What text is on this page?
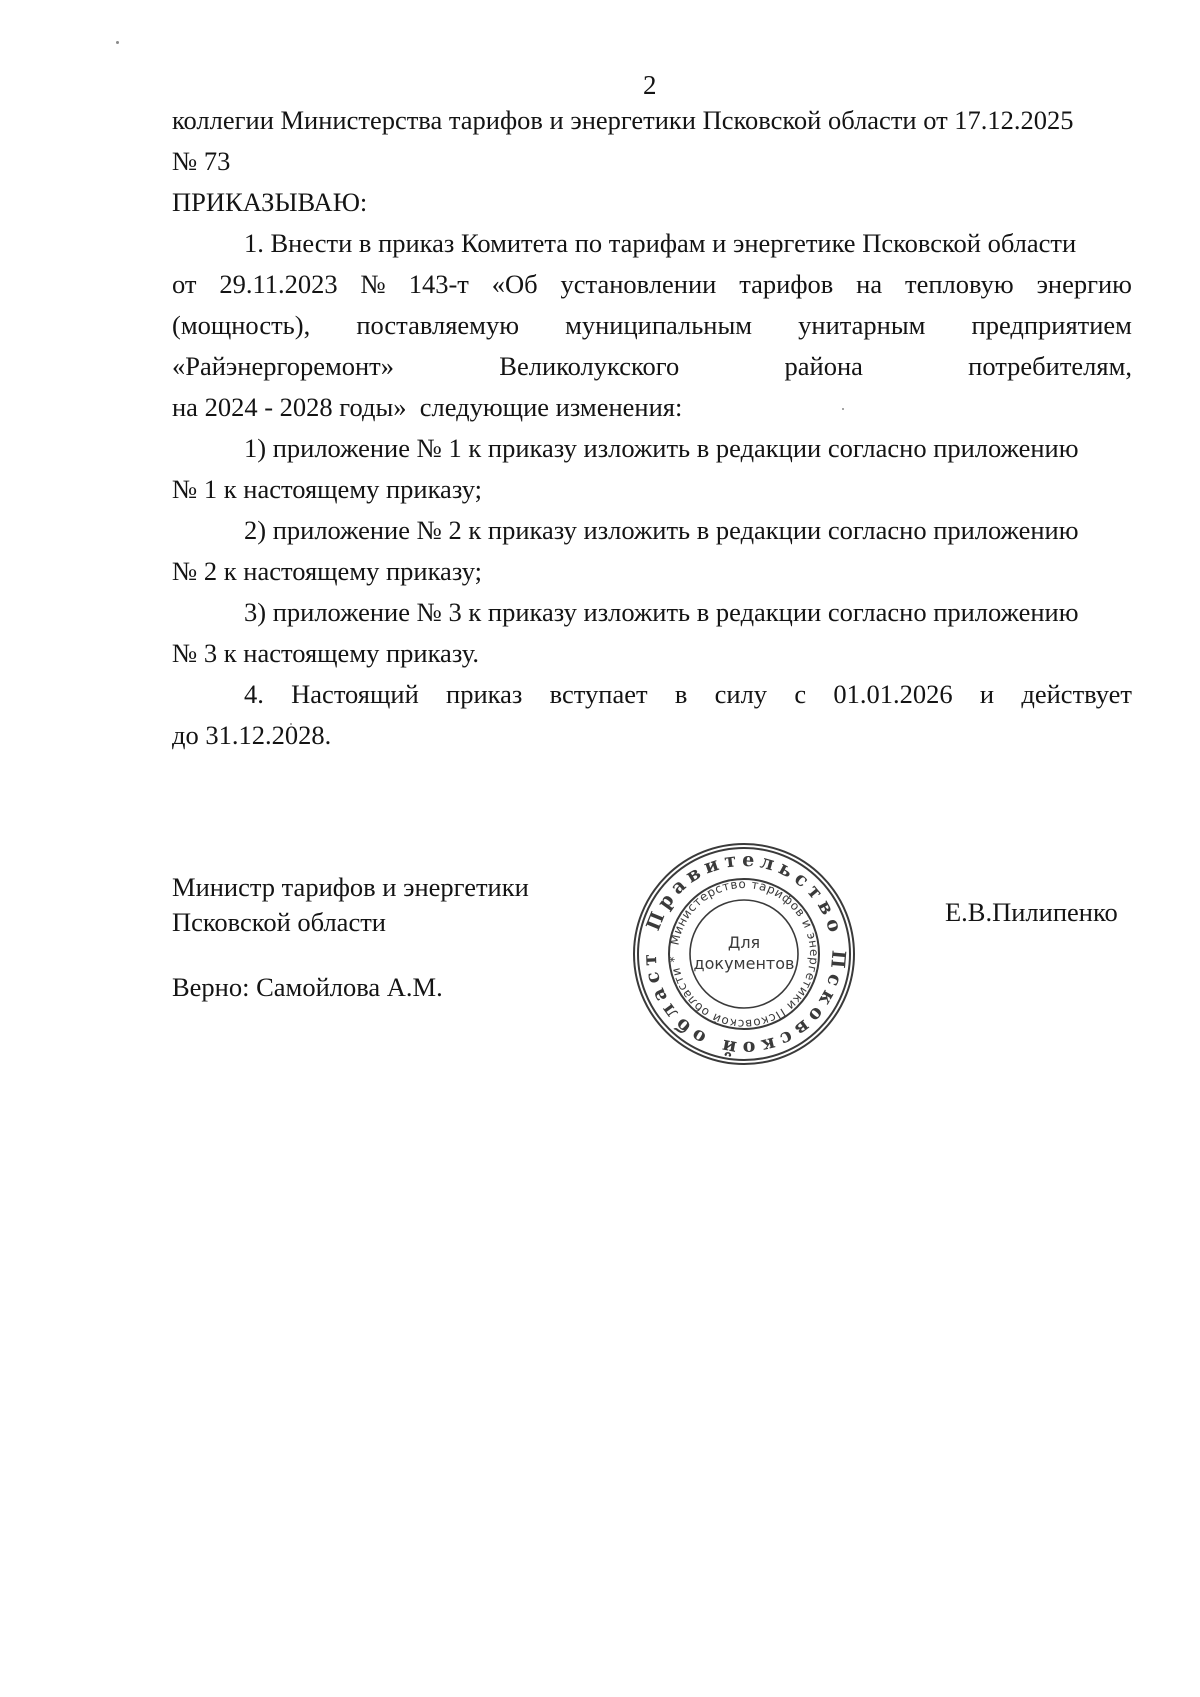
2
коллегии Министерства тарифов и энергетики Псковской области от 17.12.2025
№ 73
ПРИКАЗЫВАЮ:
1. Внести в приказ Комитета по тарифам и энергетике Псковской области
от 29.11.2023 № 143-т «Об установлении тарифов на тепловую энергию
(мощность), поставляемую муниципальным унитарным предприятием
«Райэнергоремонт»	Великолукского	района	потребителям,
на 2024 - 2028 годы»  следующие изменения:
1) приложение № 1 к приказу изложить в редакции согласно приложению
№ 1 к настоящему приказу;
2) приложение № 2 к приказу изложить в редакции согласно приложению
№ 2 к настоящему приказу;
3) приложение № 3 к приказу изложить в редакции согласно приложению
№ 3 к настоящему приказу.
4. Настоящий приказ вступает в силу с 01.01.2026 и действует
до 31.12.2028.
Министр тарифов и энергетики
Псковской области	Е.В.Пилипенко
Верно: Самойлова А.М.
Правительство Псковской област
Министерство тарифов и энергетики Псковской области *
Для
документов
